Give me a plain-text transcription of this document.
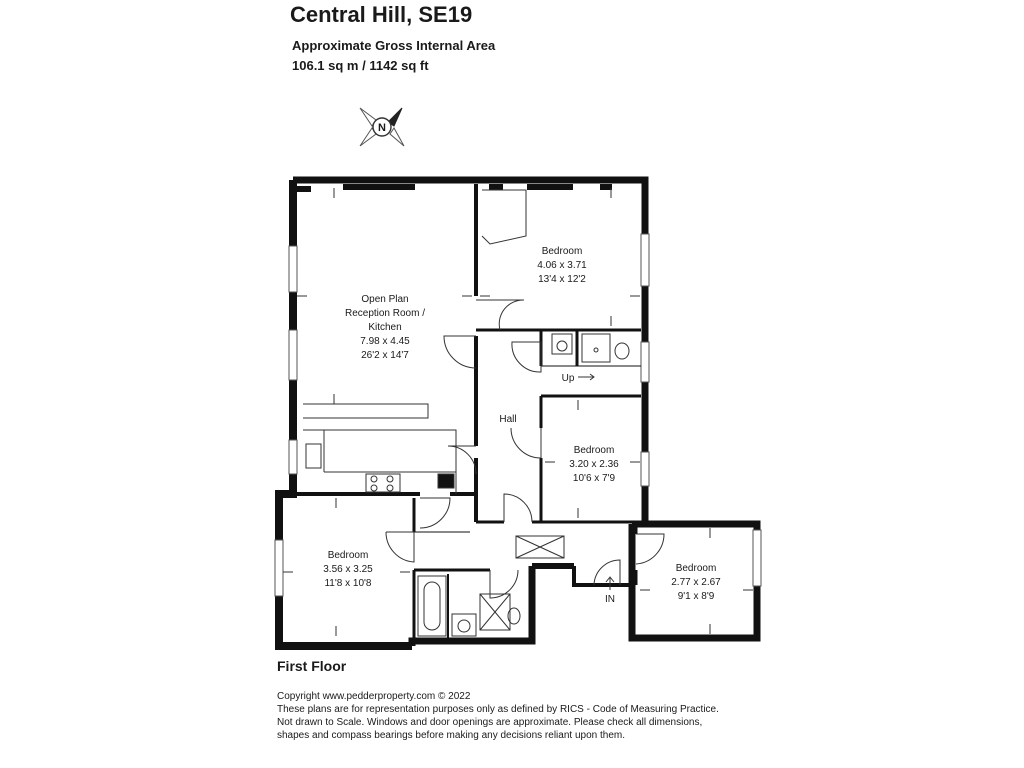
Central Hill, SE19
Approximate Gross Internal Area
106.1 sq m / 1142 sq ft
N
Open Plan
Reception Room /
Kitchen
7.98 x 4.45
26'2 x 14'7
Bedroom
4.06 x 3.71
13'4 x 12'2
Bedroom
3.20 x 2.36
10'6 x 7'9
Bedroom
3.56 x 3.25
11'8 x 10'8
Bedroom
2.77 x 2.67
9'1 x 8'9
Hall
Up
IN
First Floor
Copyright www.pedderproperty.com © 2022
These plans are for representation purposes only as defined by RICS - Code of Measuring Practice.
Not drawn to Scale. Windows and door openings are approximate. Please check all dimensions,
shapes and compass bearings before making any decisions reliant upon them.
